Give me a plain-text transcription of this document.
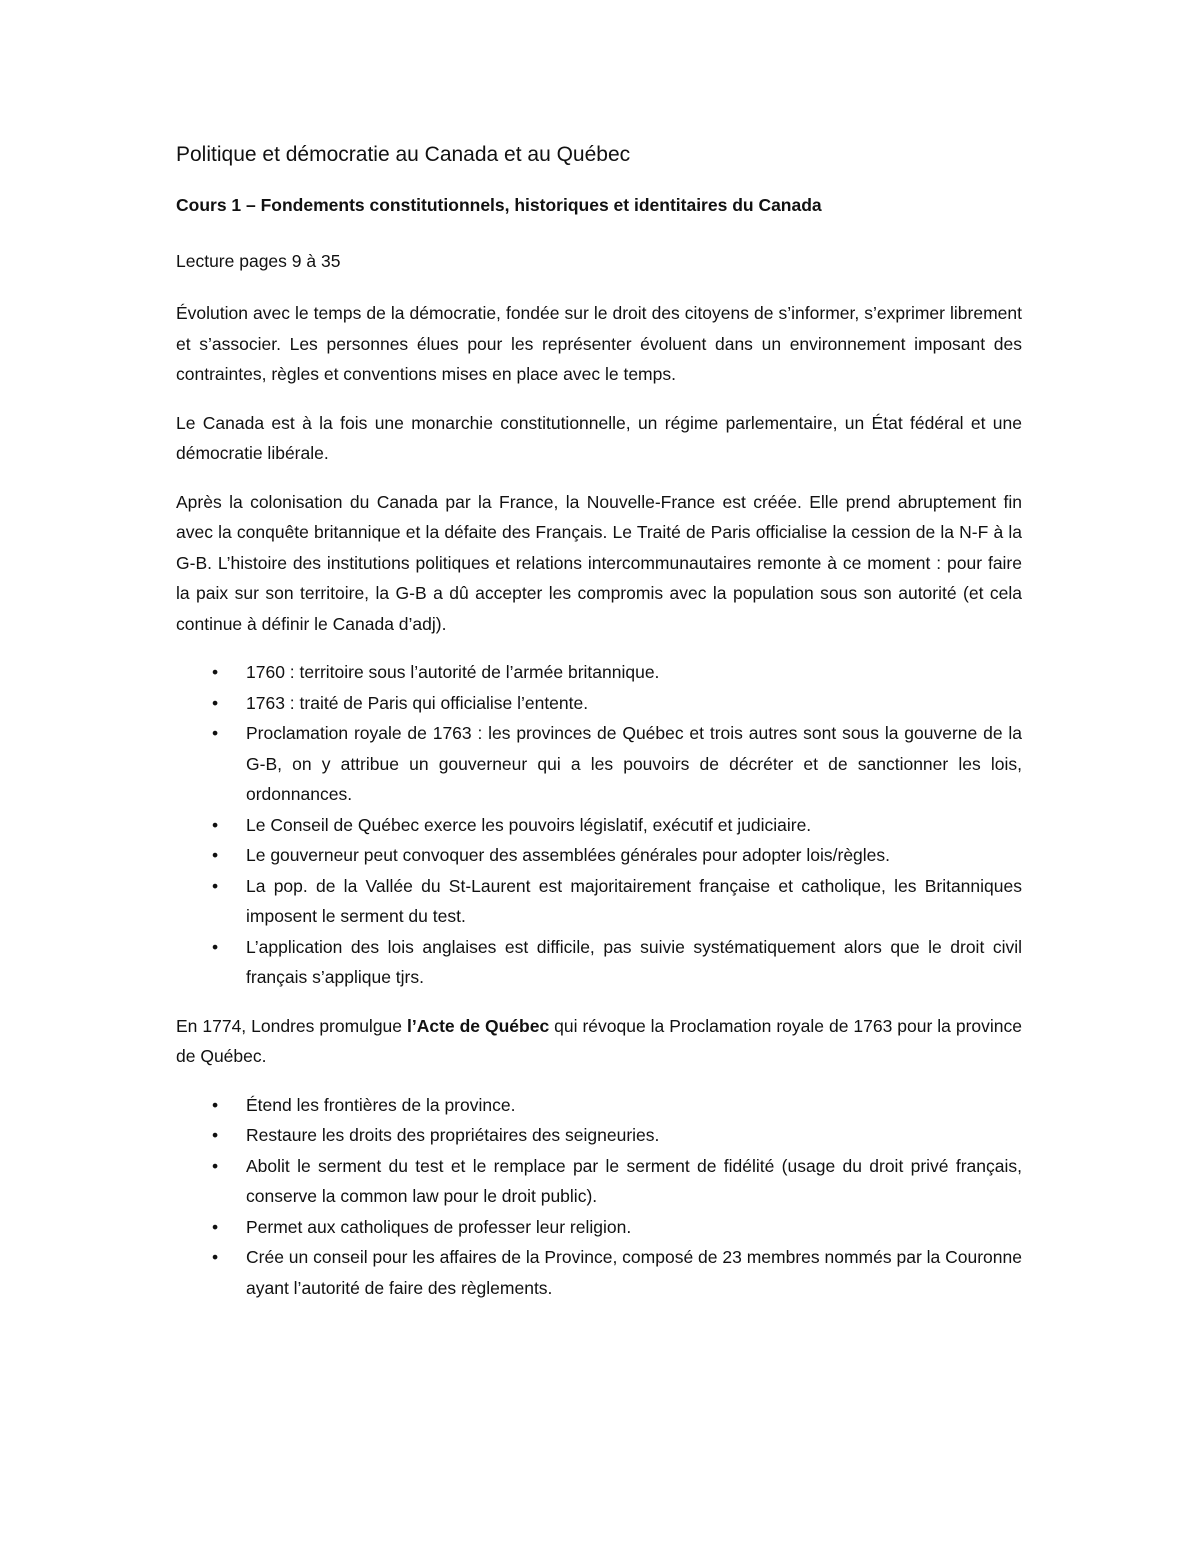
Politique et démocratie au Canada et au Québec
Cours 1 – Fondements constitutionnels, historiques et identitaires du Canada
Lecture pages 9 à 35

Évolution avec le temps de la démocratie, fondée sur le droit des citoyens de s’informer, s’exprimer librement et s’associer. Les personnes élues pour les représenter évoluent dans un environnement imposant des contraintes, règles et conventions mises en place avec le temps.

Le Canada est à la fois une monarchie constitutionnelle, un régime parlementaire, un État fédéral et une démocratie libérale.

Après la colonisation du Canada par la France, la Nouvelle-France est créée. Elle prend abruptement fin avec la conquête britannique et la défaite des Français. Le Traité de Paris officialise la cession de la N-F à la G-B. L’histoire des institutions politiques et relations intercommunautaires remonte à ce moment : pour faire la paix sur son territoire, la G-B a dû accepter les compromis avec la population sous son autorité (et cela continue à définir le Canada d’adj).

• 1760 : territoire sous l’autorité de l’armée britannique.
• 1763 : traité de Paris qui officialise l’entente.
• Proclamation royale de 1763 : les provinces de Québec et trois autres sont sous la gouverne de la G-B, on y attribue un gouverneur qui a les pouvoirs de décréter et de sanctionner les lois, ordonnances.
• Le Conseil de Québec exerce les pouvoirs législatif, exécutif et judiciaire.
• Le gouverneur peut convoquer des assemblées générales pour adopter lois/règles.
• La pop. de la Vallée du St-Laurent est majoritairement française et catholique, les Britanniques imposent le serment du test.
• L’application des lois anglaises est difficile, pas suivie systématiquement alors que le droit civil français s’applique tjrs.

En 1774, Londres promulgue l’Acte de Québec qui révoque la Proclamation royale de 1763 pour la province de Québec.

• Étend les frontières de la province.
• Restaure les droits des propriétaires des seigneuries.
• Abolit le serment du test et le remplace par le serment de fidélité (usage du droit privé français, conserve la common law pour le droit public).
• Permet aux catholiques de professer leur religion.
• Crée un conseil pour les affaires de la Province, composé de 23 membres nommés par la Couronne ayant l’autorité de faire des règlements.
